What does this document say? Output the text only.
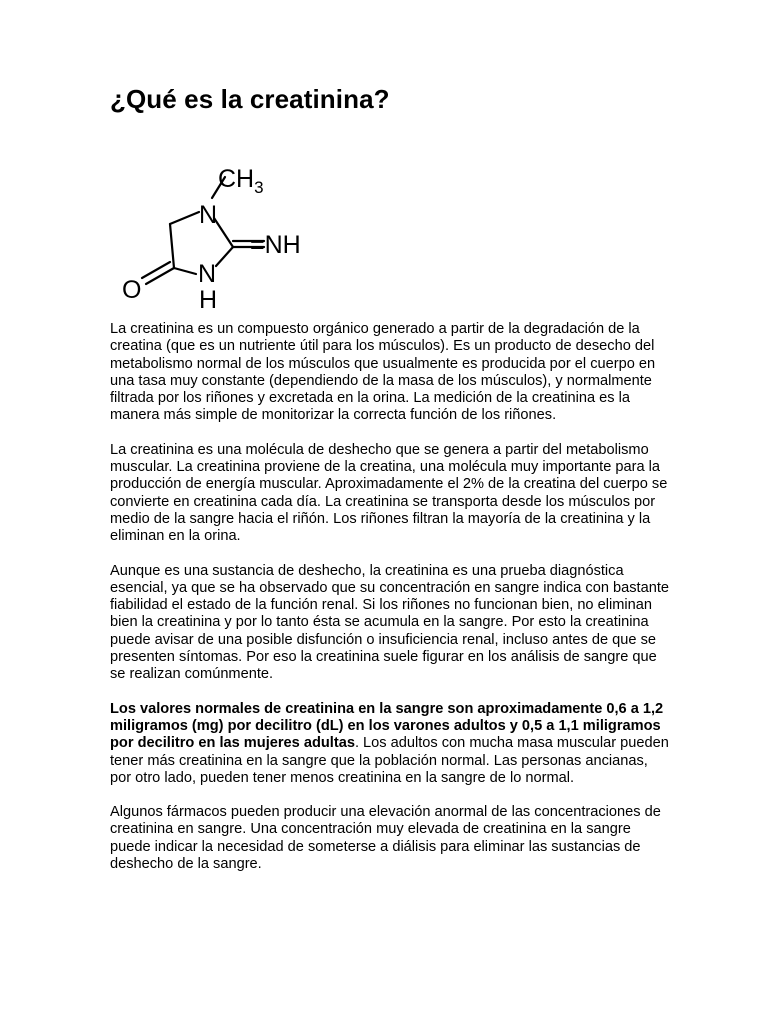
¿Qué es la creatinina?
$CH_3$
N
=NH
N
H
O

La creatinina es un compuesto orgánico generado a partir de la degradación de la creatina (que es un nutriente útil para los músculos). Es un producto de desecho del metabolismo normal de los músculos que usualmente es producida por el cuerpo en una tasa muy constante (dependiendo de la masa de los músculos), y normalmente filtrada por los riñones y excretada en la orina. La medición de la creatinina es la manera más simple de monitorizar la correcta función de los riñones.

La creatinina es una molécula de deshecho que se genera a partir del metabolismo muscular. La creatinina proviene de la creatina, una molécula muy importante para la producción de energía muscular. Aproximadamente el 2% de la creatina del cuerpo se convierte en creatinina cada día. La creatinina se transporta desde los músculos por medio de la sangre hacia el riñón. Los riñones filtran la mayoría de la creatinina y la eliminan en la orina.

Aunque es una sustancia de deshecho, la creatinina es una prueba diagnóstica esencial, ya que se ha observado que su concentración en sangre indica con bastante fiabilidad el estado de la función renal. Si los riñones no funcionan bien, no eliminan bien la creatinina y por lo tanto ésta se acumula en la sangre. Por esto la creatinina puede avisar de una posible disfunción o insuficiencia renal, incluso antes de que se presenten síntomas. Por eso la creatinina suele figurar en los análisis de sangre que se realizan comúnmente.

Los valores normales de creatinina en la sangre son aproximadamente 0,6 a 1,2 miligramos (mg) por decilitro (dL) en los varones adultos y 0,5 a 1,1 miligramos por decilitro en las mujeres adultas. Los adultos con mucha masa muscular pueden tener más creatinina en la sangre que la población normal. Las personas ancianas, por otro lado, pueden tener menos creatinina en la sangre de lo normal.

Algunos fármacos pueden producir una elevación anormal de las concentraciones de creatinina en sangre. Una concentración muy elevada de creatinina en la sangre puede indicar la necesidad de someterse a diálisis para eliminar las sustancias de deshecho de la sangre.
